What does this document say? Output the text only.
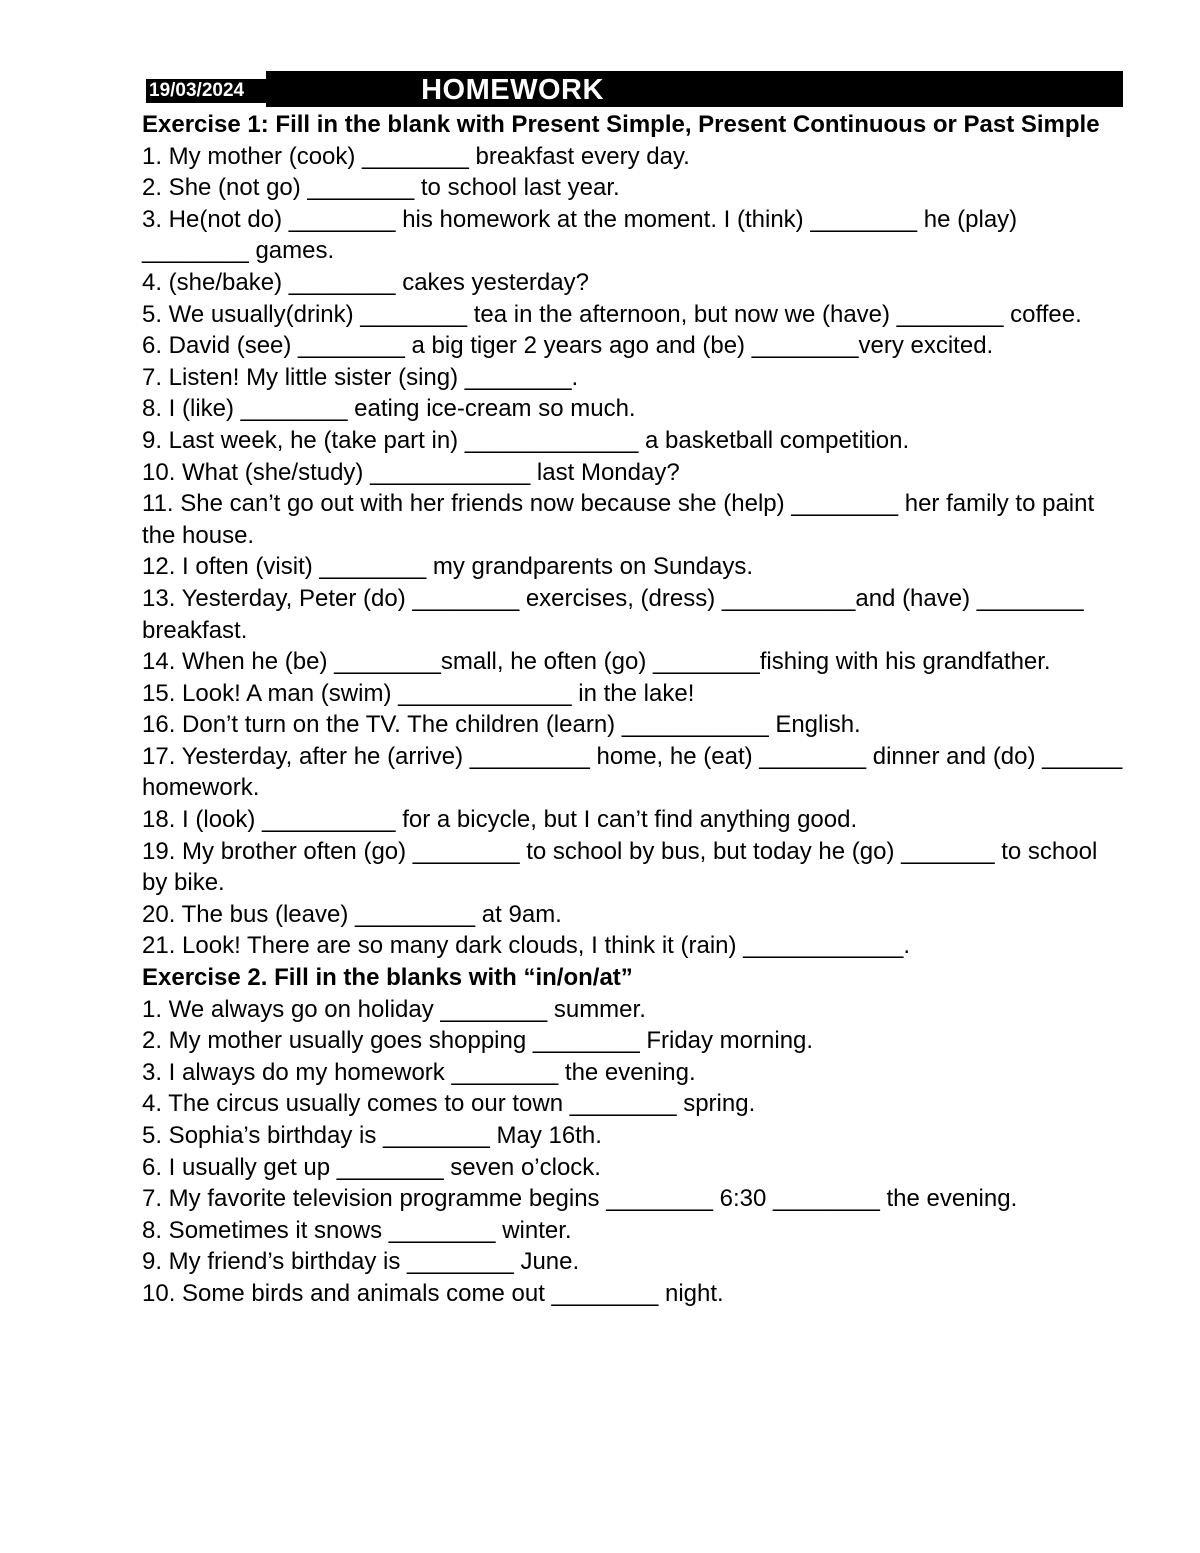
19/03/2024	HOMEWORK
Exercise 1: Fill in the blank with Present Simple, Present Continuous or Past Simple
1. My mother (cook) ________ breakfast every day.
2. She (not go) ________ to school last year.
3. He(not do) ________ his homework at the moment. I (think) ________ he (play) ________ games.
4. (she/bake) ________ cakes yesterday?
5. We usually(drink) ________ tea in the afternoon, but now we (have) ________ coffee.
6. David (see) ________ a big tiger 2 years ago and (be) ________very excited.
7. Listen! My little sister (sing) ________.
8. I (like) ________ eating ice-cream so much.
9. Last week, he (take part in) _____________ a basketball competition.
10. What (she/study) ____________ last Monday?
11. She can’t go out with her friends now because she (help) ________ her family to paint the house.
12. I often (visit) ________ my grandparents on Sundays.
13. Yesterday, Peter (do) ________ exercises, (dress) __________and (have) ________ breakfast.
14. When he (be) ________small, he often (go) ________fishing with his grandfather.
15. Look! A man (swim) _____________ in the lake!
16. Don’t turn on the TV. The children (learn) ___________ English.
17. Yesterday, after he (arrive) _________ home, he (eat) ________ dinner and (do) ______ homework.
18. I (look) __________ for a bicycle, but I can’t find anything good.
19. My brother often (go) ________ to school by bus, but today he (go) _______ to school by bike.
20. The bus (leave) _________ at 9am.
21. Look! There are so many dark clouds, I think it (rain) ____________.
Exercise 2. Fill in the blanks with “in/on/at”
1. We always go on holiday ________ summer.
2. My mother usually goes shopping ________ Friday morning.
3. I always do my homework ________ the evening.
4. The circus usually comes to our town ________ spring.
5. Sophia’s birthday is ________ May 16th.
6. I usually get up ________ seven o’clock.
7. My favorite television programme begins ________ 6:30 ________ the evening.
8. Sometimes it snows ________ winter.
9. My friend’s birthday is ________ June.
10. Some birds and animals come out ________ night.
